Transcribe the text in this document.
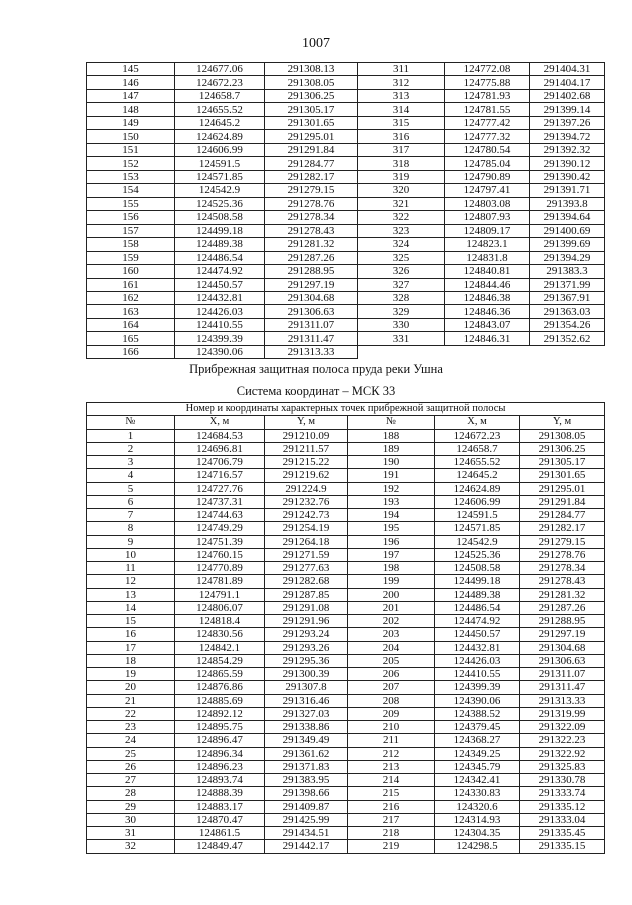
1007
145	124677.06	291308.13	311	124772.08	291404.31
146	124672.23	291308.05	312	124775.88	291404.17
147	124658.7	291306.25	313	124781.93	291402.68
148	124655.52	291305.17	314	124781.55	291399.14
149	124645.2	291301.65	315	124777.42	291397.26
150	124624.89	291295.01	316	124777.32	291394.72
151	124606.99	291291.84	317	124780.54	291392.32
152	124591.5	291284.77	318	124785.04	291390.12
153	124571.85	291282.17	319	124790.89	291390.42
154	124542.9	291279.15	320	124797.41	291391.71
155	124525.36	291278.76	321	124803.08	291393.8
156	124508.58	291278.34	322	124807.93	291394.64
157	124499.18	291278.43	323	124809.17	291400.69
158	124489.38	291281.32	324	124823.1	291399.69
159	124486.54	291287.26	325	124831.8	291394.29
160	124474.92	291288.95	326	124840.81	291383.3
161	124450.57	291297.19	327	124844.46	291371.99
162	124432.81	291304.68	328	124846.38	291367.91
163	124426.03	291306.63	329	124846.36	291363.03
164	124410.55	291311.07	330	124843.07	291354.26
165	124399.39	291311.47	331	124846.31	291352.62
166	124390.06	291313.33			
Прибрежная защитная полоса пруда реки Ушна
Система координат – МСК 33
Номер и координаты характерных точек прибрежной защитной полосы					
№	X, м	Y, м	№	X, м	Y, м
1	124684.53	291210.09	188	124672.23	291308.05
2	124696.81	291211.57	189	124658.7	291306.25
3	124706.79	291215.22	190	124655.52	291305.17
4	124716.57	291219.62	191	124645.2	291301.65
5	124727.76	291224.9	192	124624.89	291295.01
6	124737.31	291232.76	193	124606.99	291291.84
7	124744.63	291242.73	194	124591.5	291284.77
8	124749.29	291254.19	195	124571.85	291282.17
9	124751.39	291264.18	196	124542.9	291279.15
10	124760.15	291271.59	197	124525.36	291278.76
11	124770.89	291277.63	198	124508.58	291278.34
12	124781.89	291282.68	199	124499.18	291278.43
13	124791.1	291287.85	200	124489.38	291281.32
14	124806.07	291291.08	201	124486.54	291287.26
15	124818.4	291291.96	202	124474.92	291288.95
16	124830.56	291293.24	203	124450.57	291297.19
17	124842.1	291293.26	204	124432.81	291304.68
18	124854.29	291295.36	205	124426.03	291306.63
19	124865.59	291300.39	206	124410.55	291311.07
20	124876.86	291307.8	207	124399.39	291311.47
21	124885.69	291316.46	208	124390.06	291313.33
22	124892.12	291327.03	209	124388.52	291319.99
23	124895.75	291338.86	210	124379.45	291322.09
24	124896.47	291349.49	211	124368.27	291322.23
25	124896.34	291361.62	212	124349.25	291322.92
26	124896.23	291371.83	213	124345.79	291325.83
27	124893.74	291383.95	214	124342.41	291330.78
28	124888.39	291398.66	215	124330.83	291333.74
29	124883.17	291409.87	216	124320.6	291335.12
30	124870.47	291425.99	217	124314.93	291333.04
31	124861.5	291434.51	218	124304.35	291335.45
32	124849.47	291442.17	219	124298.5	291335.15
